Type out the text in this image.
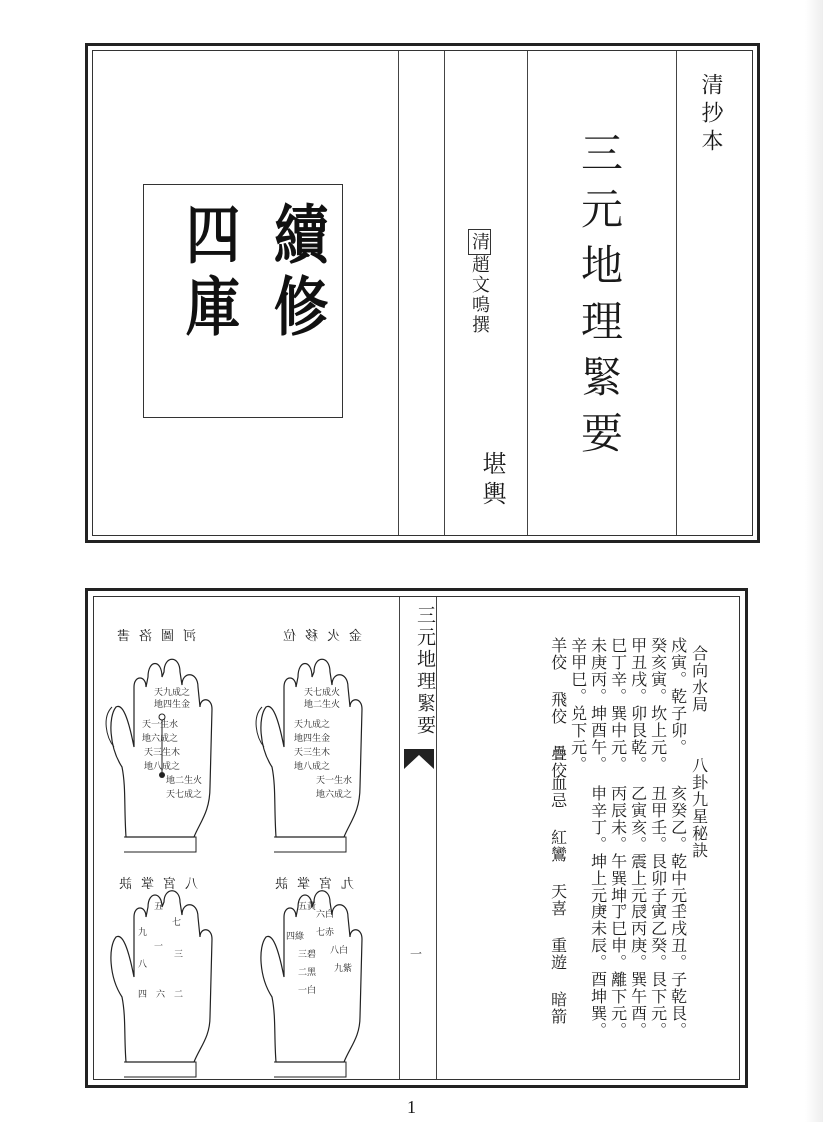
續修
四庫	清趙文鳴撰
堪輿
三元地理緊要
清抄本
三元地理緊要
一
河圖洛書	金火移位
八宮掌訣	九宮掌訣
天一生水
地六成之
天三生木
地八成之
地四生金
天九成之
地二生火
天七成之
天九成之
地四生金
天三生木
地八成之
天七成火
地二生火
天一生水
地六成之
九
五
七
八
一
三
四 六 二
五黃
四綠
三碧
二黑
一白
六白
七赤
八白
九紫
合向水局
戍寅。乾子卯。
癸亥寅。坎上元。
甲丑戌。卯艮乾。
巳丁辛。巽中元。
未庚丙。坤酉午。
辛甲巳。兑下元。
羊佼 飛佼 疊佼
八卦九星秘訣
亥癸乙。乾中元。
丑甲壬。艮卯子。
乙寅亥。震上元。
丙辰未。午巽坤。
申辛丁。坤上元。
血忌 紅鸞 天喜 重遊 暗箭	壬戌丑。子乾艮。
寅乙癸。艮下元。
辰丙庚。巽午酉。
丁巳申。離下元。
庚未辰。酉坤巽。
1
